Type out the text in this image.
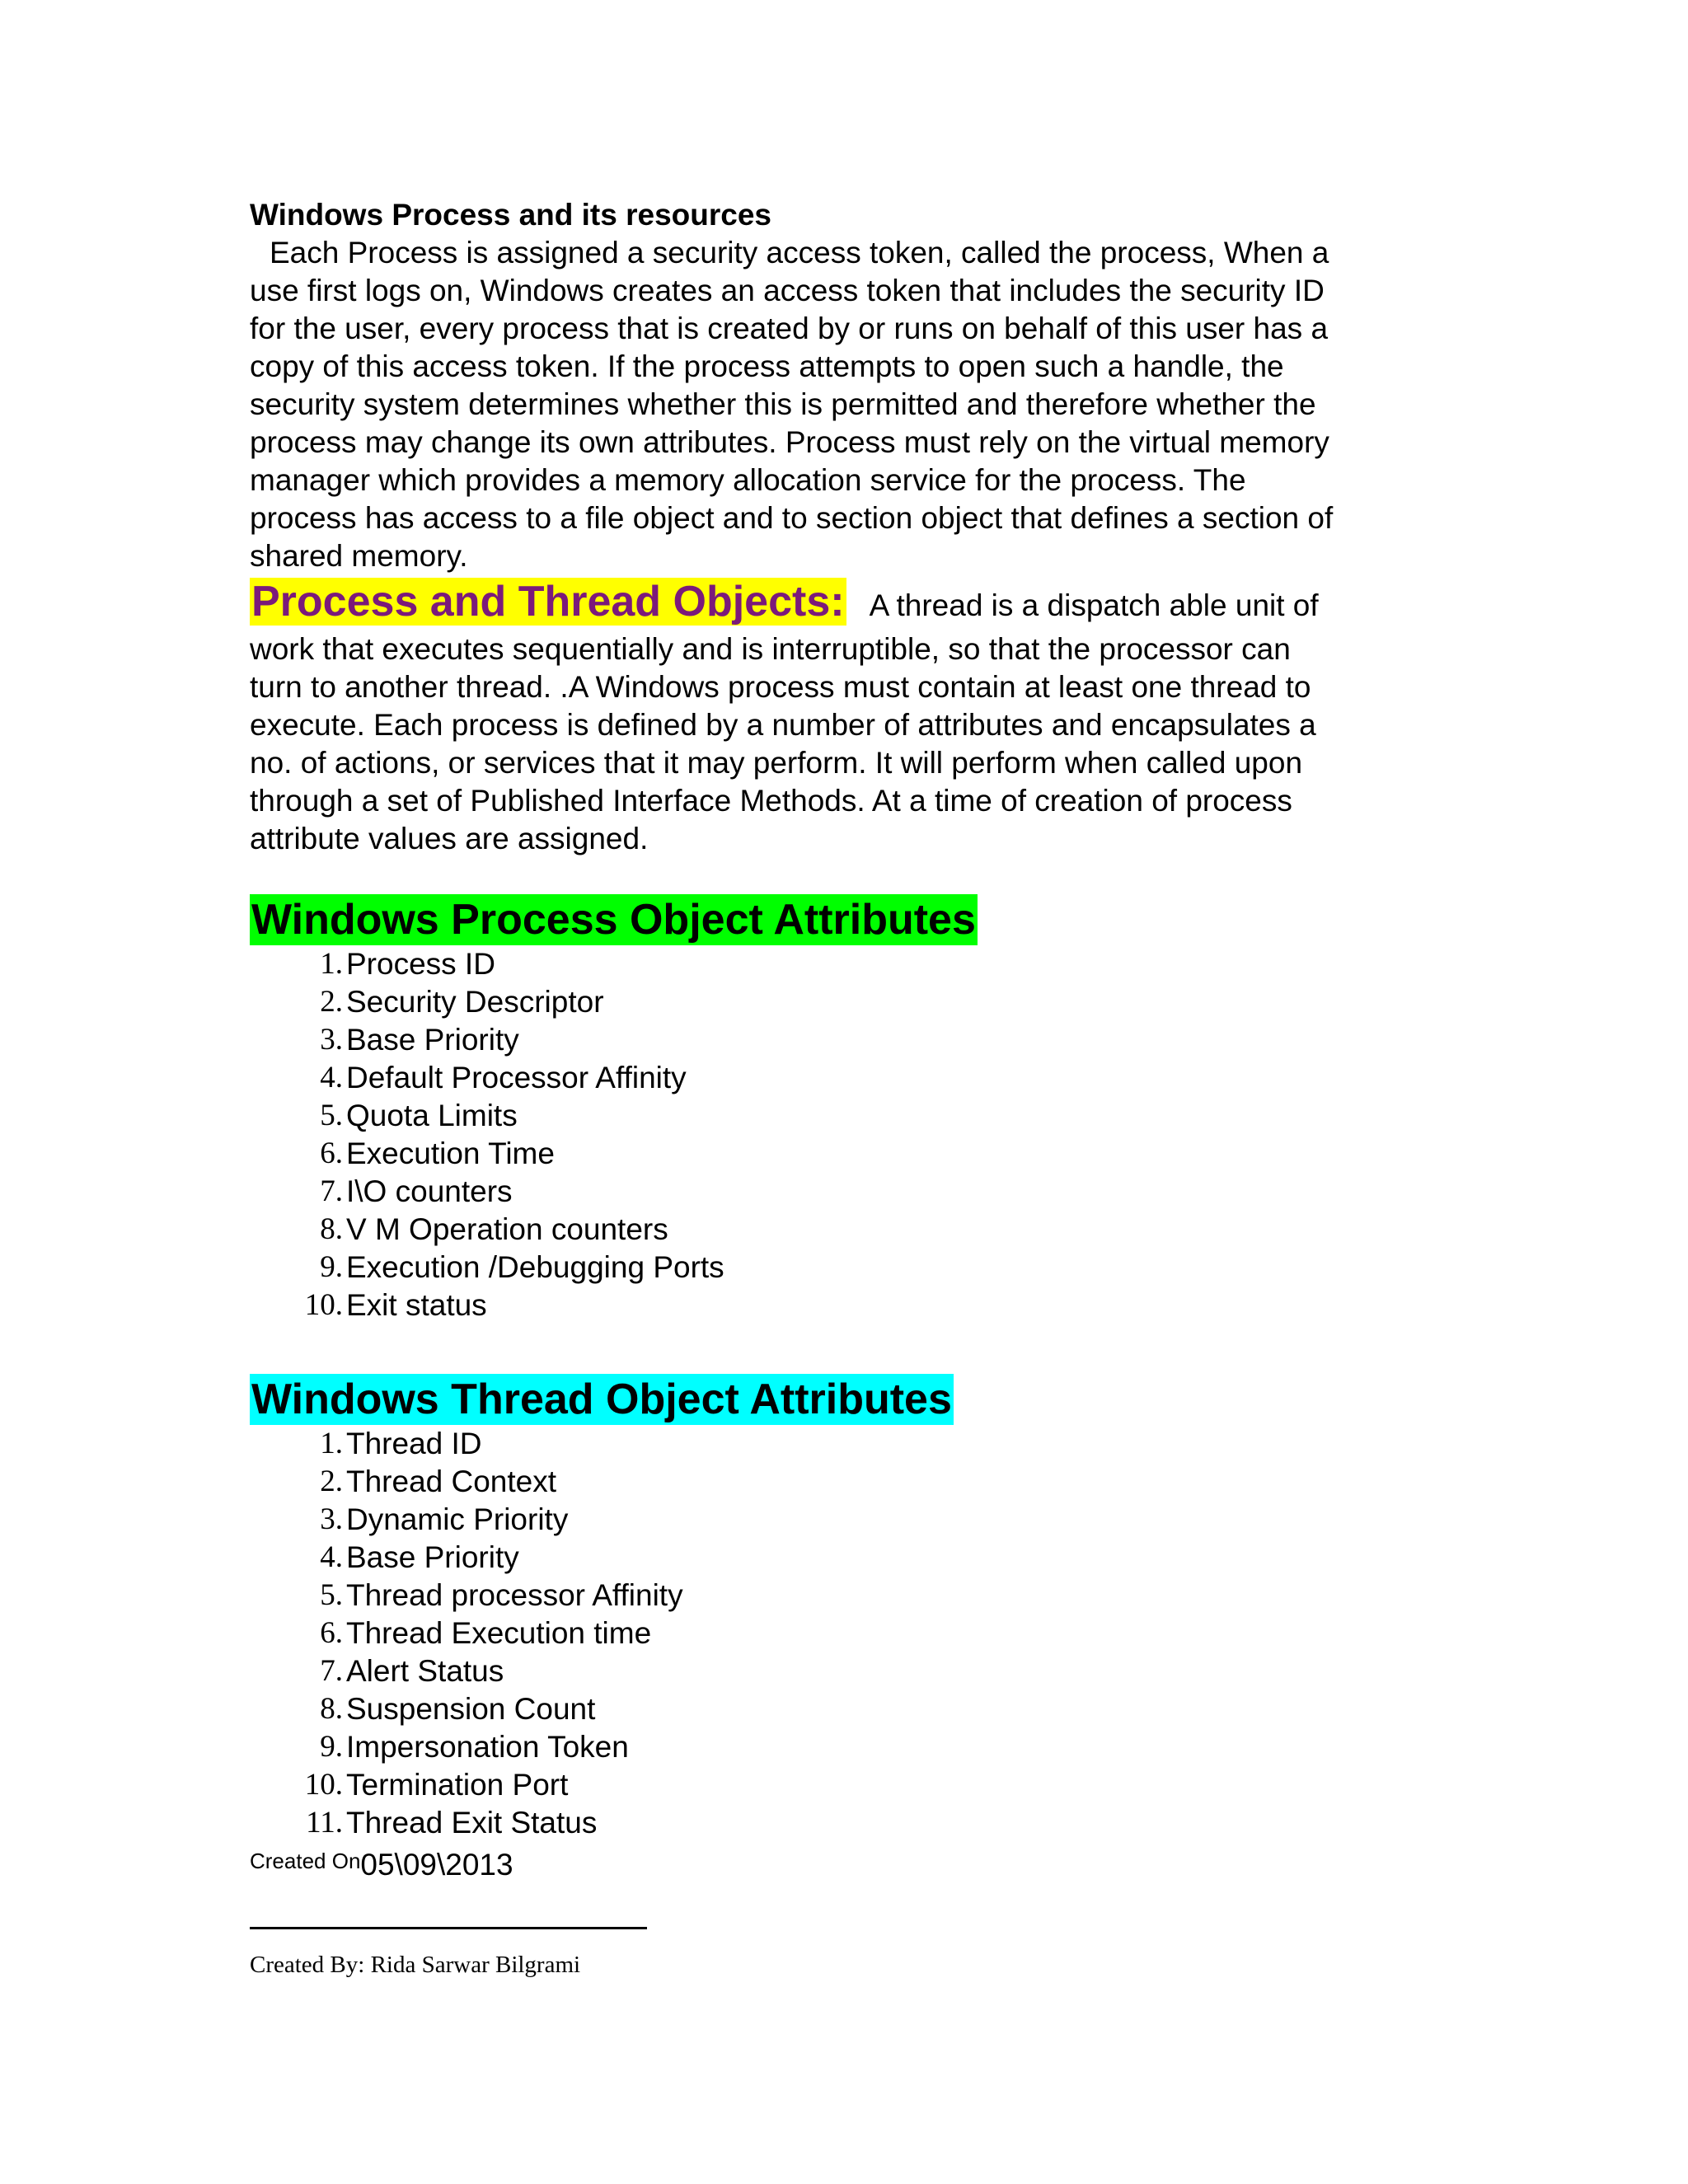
Windows Process and its resources

Each Process is assigned a security access token, called the process, When a

use first logs on, Windows creates an access token that includes the security ID

for the user, every process that is created by or runs on behalf of this user has a

copy of this access token. If the process attempts to open such a handle, the

security system determines whether this is permitted and therefore whether the

process may change its own attributes. Process must rely on the virtual memory

manager which provides a memory allocation service for the process. The

process has access to a file object and to section object that defines a section of

shared memory.

Process and Thread Objects: A thread is a dispatch able unit of

work that executes sequentially and is interruptible, so that the processor can

turn to another thread. .A Windows process must contain at least one thread to

execute. Each process is defined by a number of attributes and encapsulates a

no. of actions, or services that it may perform. It will perform when called upon

through a set of Published Interface Methods. At a time of creation of process

attribute values are assigned.

Windows Process Object Attributes

1. Process ID
2. Security Descriptor
3. Base Priority
4. Default Processor Affinity
5. Quota Limits
6. Execution Time
7. I\O counters
8. V M Operation counters
9. Execution /Debugging Ports
10. Exit status

Windows Thread Object Attributes

1. Thread ID
2. Thread Context
3. Dynamic Priority
4. Base Priority
5. Thread processor Affinity
6. Thread Execution time
7. Alert Status
8. Suspension Count
9. Impersonation Token
10. Termination Port
11. Thread Exit Status

$^{Created On}$05\09\2013

Created By: Rida Sarwar Bilgrami
